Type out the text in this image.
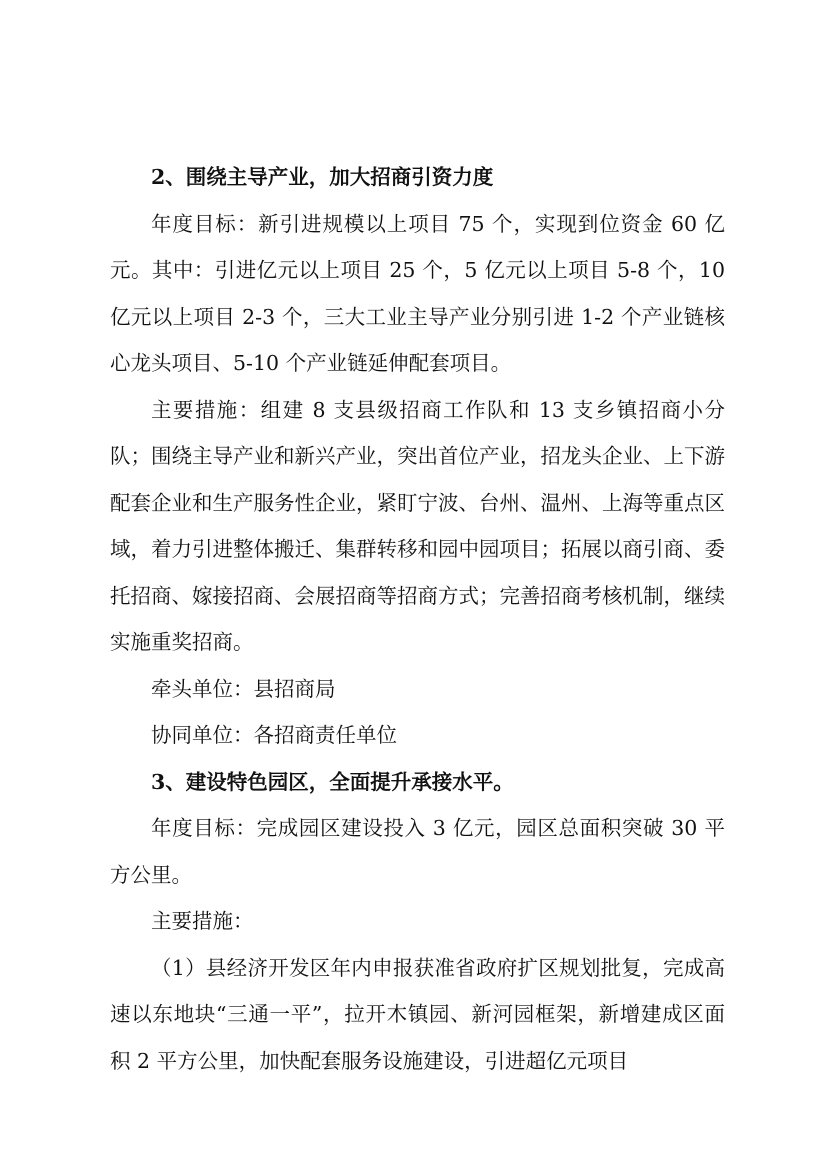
2、围绕主导产业，加大招商引资力度

年度目标：新引进规模以上项目 75 个，实现到位资金 60 亿元。其中：引进亿元以上项目 25 个，5 亿元以上项目 5-8 个，10 亿元以上项目 2-3 个，三大工业主导产业分别引进 1-2 个产业链核心龙头项目、5-10 个产业链延伸配套项目。

主要措施：组建 8 支县级招商工作队和 13 支乡镇招商小分队；围绕主导产业和新兴产业，突出首位产业，招龙头企业、上下游配套企业和生产服务性企业，紧盯宁波、台州、温州、上海等重点区域，着力引进整体搬迁、集群转移和园中园项目；拓展以商引商、委托招商、嫁接招商、会展招商等招商方式；完善招商考核机制，继续实施重奖招商。

牵头单位：县招商局

协同单位：各招商责任单位

3、建设特色园区，全面提升承接水平。

年度目标：完成园区建设投入 3 亿元，园区总面积突破 30 平方公里。

主要措施：

（1）县经济开发区年内申报获准省政府扩区规划批复，完成高速以东地块“三通一平”，拉开木镇园、新河园框架，新增建成区面积 2 平方公里，加快配套服务设施建设，引进超亿元项目
